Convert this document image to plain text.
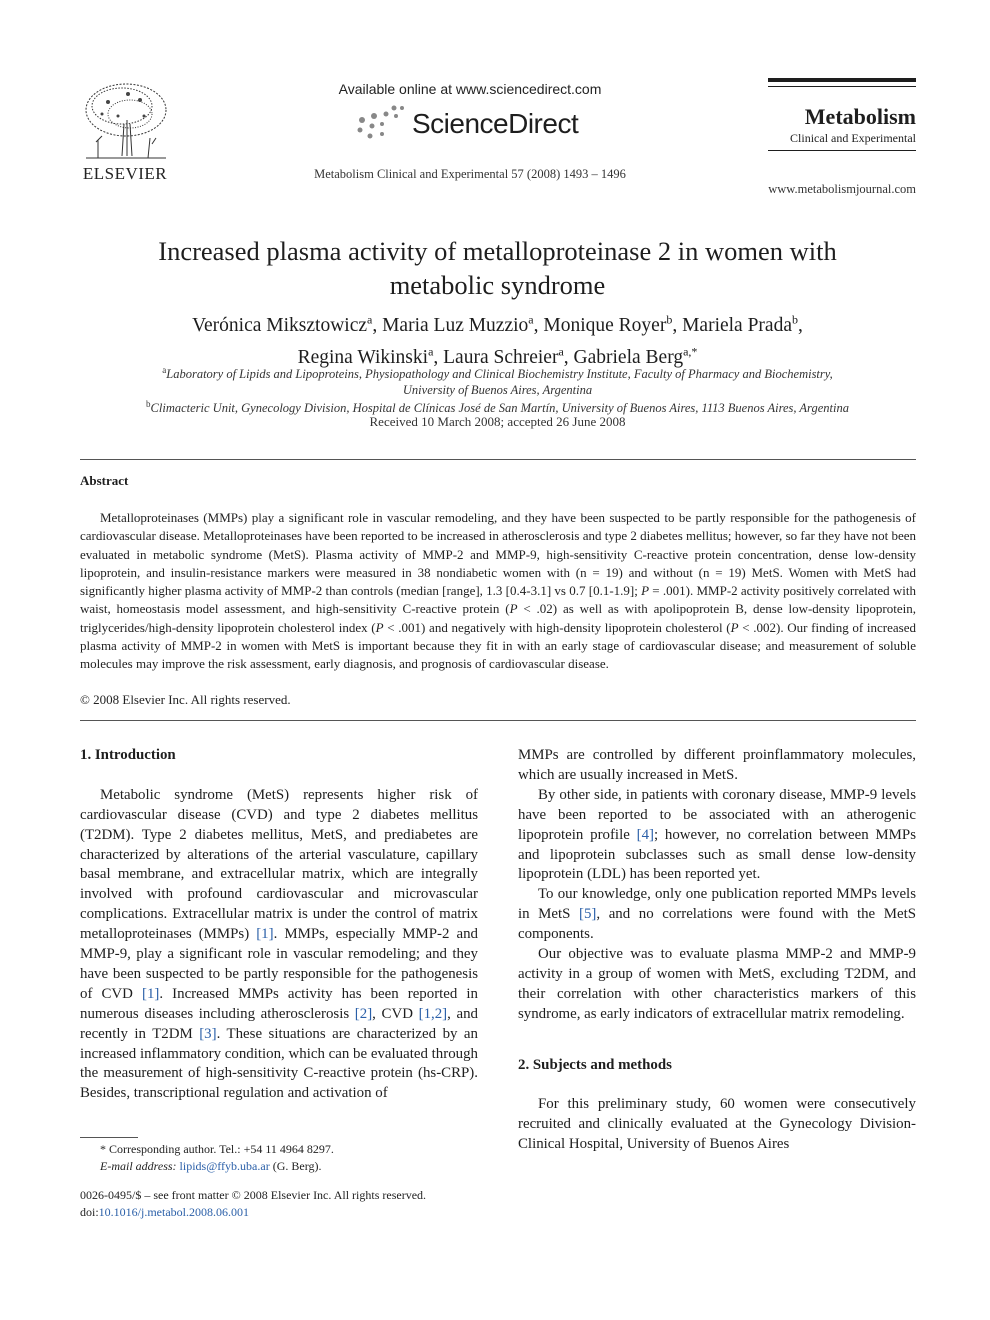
ELSEVIER
Available online at www.sciencedirect.com
ScienceDirect
Metabolism Clinical and Experimental 57 (2008) 1493 – 1496
Metabolism
Clinical and Experimental
www.metabolismjournal.com
Increased plasma activity of metalloproteinase 2 in women with
metabolic syndrome
Verónica Miksztowicz$^a$, Maria Luz Muzzio$^a$, Monique Royer$^b$, Mariela Prada$^b$,
Regina Wikinski$^a$, Laura Schreier$^a$, Gabriela Berg$^{a,*}$
$^a$Laboratory of Lipids and Lipoproteins, Physiopathology and Clinical Biochemistry Institute, Faculty of Pharmacy and Biochemistry,
University of Buenos Aires, Argentina
$^b$Climacteric Unit, Gynecology Division, Hospital de Clínicas José de San Martín, University of Buenos Aires, 1113 Buenos Aires, Argentina
Received 10 March 2008; accepted 26 June 2008
Abstract

Metalloproteinases (MMPs) play a significant role in vascular remodeling, and they have been suspected to be partly responsible for the pathogenesis of cardiovascular disease. Metalloproteinases have been reported to be increased in atherosclerosis and type 2 diabetes mellitus; however, so far they have not been evaluated in metabolic syndrome (MetS). Plasma activity of MMP-2 and MMP-9, high-sensitivity C-reactive protein concentration, dense low-density lipoprotein, and insulin-resistance markers were measured in 38 nondiabetic women with (n = 19) and without (n = 19) MetS. Women with MetS had significantly higher plasma activity of MMP-2 than controls (median [range], 1.3 [0.4-3.1] vs 0.7 [0.1-1.9]; P = .001). MMP-2 activity positively correlated with waist, homeostasis model assessment, and high-sensitivity C-reactive protein (P < .02) as well as with apolipoprotein B, dense low-density lipoprotein, triglycerides/high-density lipoprotein cholesterol index (P < .001) and negatively with high-density lipoprotein cholesterol (P < .002). Our finding of increased plasma activity of MMP-2 in women with MetS is important because they fit in with an early stage of cardiovascular disease; and measurement of soluble molecules may improve the risk assessment, early diagnosis, and prognosis of cardiovascular disease.

© 2008 Elsevier Inc. All rights reserved.
1. Introduction

Metabolic syndrome (MetS) represents higher risk of cardiovascular disease (CVD) and type 2 diabetes mellitus (T2DM). Type 2 diabetes mellitus, MetS, and prediabetes are characterized by alterations of the arterial vasculature, capillary basal membrane, and extracellular matrix, which are integrally involved with profound cardiovascular and microvascular complications. Extracellular matrix is under the control of matrix metalloproteinases (MMPs) [1]. MMPs, especially MMP-2 and MMP-9, play a significant role in vascular remodeling; and they have been suspected to be partly responsible for the pathogenesis of CVD [1]. Increased MMPs activity has been reported in numerous diseases including atherosclerosis [2], CVD [1,2], and recently in T2DM [3]. These situations are characterized by an increased inflammatory condition, which can be evaluated through the measurement of high-sensitivity C-reactive protein (hs-CRP). Besides, transcriptional regulation and activation of

MMPs are controlled by different proinflammatory molecules, which are usually increased in MetS.

By other side, in patients with coronary disease, MMP-9 levels have been reported to be associated with an atherogenic lipoprotein profile [4]; however, no correlation between MMPs and lipoprotein subclasses such as small dense low-density lipoprotein (LDL) has been reported yet.

To our knowledge, only one publication reported MMPs levels in MetS [5], and no correlations were found with the MetS components.

Our objective was to evaluate plasma MMP-2 and MMP-9 activity in a group of women with MetS, excluding T2DM, and their correlation with other characteristics markers of this syndrome, as early indicators of extracellular matrix remodeling.

2. Subjects and methods

For this preliminary study, 60 women were consecutively recruited and clinically evaluated at the Gynecology Division-Clinical Hospital, University of Buenos Aires

* Corresponding author. Tel.: +54 11 4964 8297.
E-mail address: lipids@ffyb.uba.ar (G. Berg).
0026-0495/$ – see front matter © 2008 Elsevier Inc. All rights reserved.
doi:10.1016/j.metabol.2008.06.001
